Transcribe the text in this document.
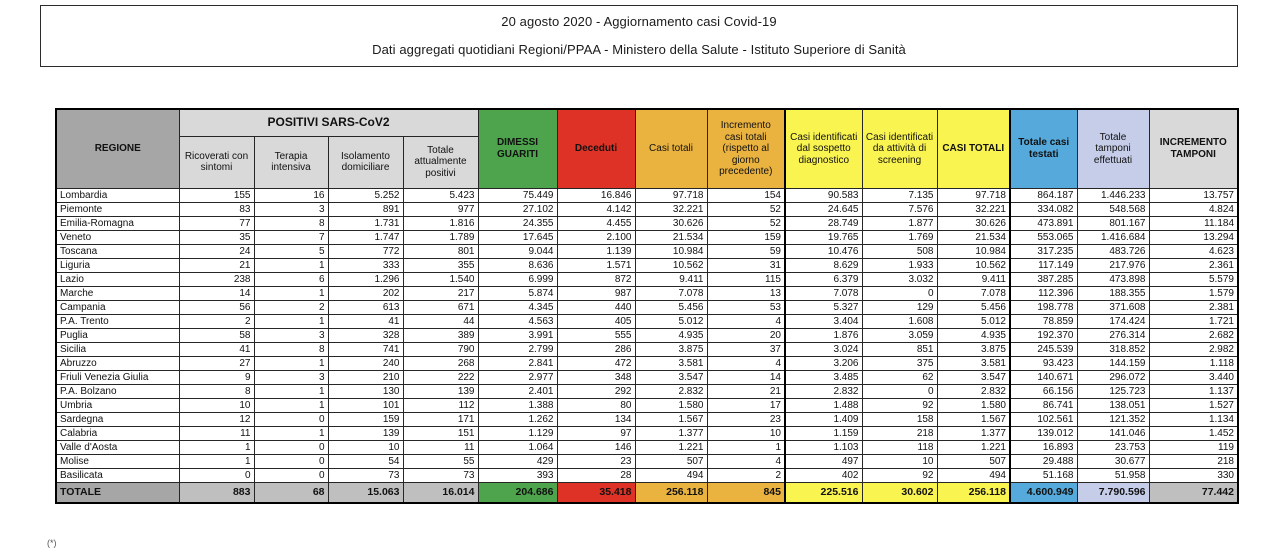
20 agosto 2020 - Aggiornamento casi Covid-19
Dati aggregati quotidiani Regioni/PPAA - Ministero della Salute - Istituto Superiore di Sanità
REGIONE	POSITIVI SARS-CoV2				DIMESSI GUARITI	Deceduti	Casi totali	Incremento casi totali (rispetto al giorno precedente)	Casi identificati dal sospetto diagnostico	Casi identificati da attività di screening	CASI TOTALI	Totale casi testati	Totale tamponi effettuati	INCREMENTO TAMPONI
	Ricoverati con sintomi	Terapia intensiva	Isolamento domiciliare	Totale attualmente positivi										
Lombardia	155	16	5.252	5.423	75.449	16.846	97.718	154	90.583	7.135	97.718	864.187	1.446.233	13.757
Piemonte	83	3	891	977	27.102	4.142	32.221	52	24.645	7.576	32.221	334.082	548.568	4.824
Emilia-Romagna	77	8	1.731	1.816	24.355	4.455	30.626	52	28.749	1.877	30.626	473.891	801.167	11.184
Veneto	35	7	1.747	1.789	17.645	2.100	21.534	159	19.765	1.769	21.534	553.065	1.416.684	13.294
Toscana	24	5	772	801	9.044	1.139	10.984	59	10.476	508	10.984	317.235	483.726	4.623
Liguria	21	1	333	355	8.636	1.571	10.562	31	8.629	1.933	10.562	117.149	217.976	2.361
Lazio	238	6	1.296	1.540	6.999	872	9.411	115	6.379	3.032	9.411	387.285	473.898	5.579
Marche	14	1	202	217	5.874	987	7.078	13	7.078	0	7.078	112.396	188.355	1.579
Campania	56	2	613	671	4.345	440	5.456	53	5.327	129	5.456	198.778	371.608	2.381
P.A. Trento	2	1	41	44	4.563	405	5.012	4	3.404	1.608	5.012	78.859	174.424	1.721
Puglia	58	3	328	389	3.991	555	4.935	20	1.876	3.059	4.935	192.370	276.314	2.682
Sicilia	41	8	741	790	2.799	286	3.875	37	3.024	851	3.875	245.539	318.852	2.982
Abruzzo	27	1	240	268	2.841	472	3.581	4	3.206	375	3.581	93.423	144.159	1.118
Friuli Venezia Giulia	9	3	210	222	2.977	348	3.547	14	3.485	62	3.547	140.671	296.072	3.440
P.A. Bolzano	8	1	130	139	2.401	292	2.832	21	2.832	0	2.832	66.156	125.723	1.137
Umbria	10	1	101	112	1.388	80	1.580	17	1.488	92	1.580	86.741	138.051	1.527
Sardegna	12	0	159	171	1.262	134	1.567	23	1.409	158	1.567	102.561	121.352	1.134
Calabria	11	1	139	151	1.129	97	1.377	10	1.159	218	1.377	139.012	141.046	1.452
Valle d'Aosta	1	0	10	11	1.064	146	1.221	1	1.103	118	1.221	16.893	23.753	119
Molise	1	0	54	55	429	23	507	4	497	10	507	29.488	30.677	218
Basilicata	0	0	73	73	393	28	494	2	402	92	494	51.168	51.958	330
TOTALE	883	68	15.063	16.014	204.686	35.418	256.118	845	225.516	30.602	256.118	4.600.949	7.790.596	77.442
(*)
